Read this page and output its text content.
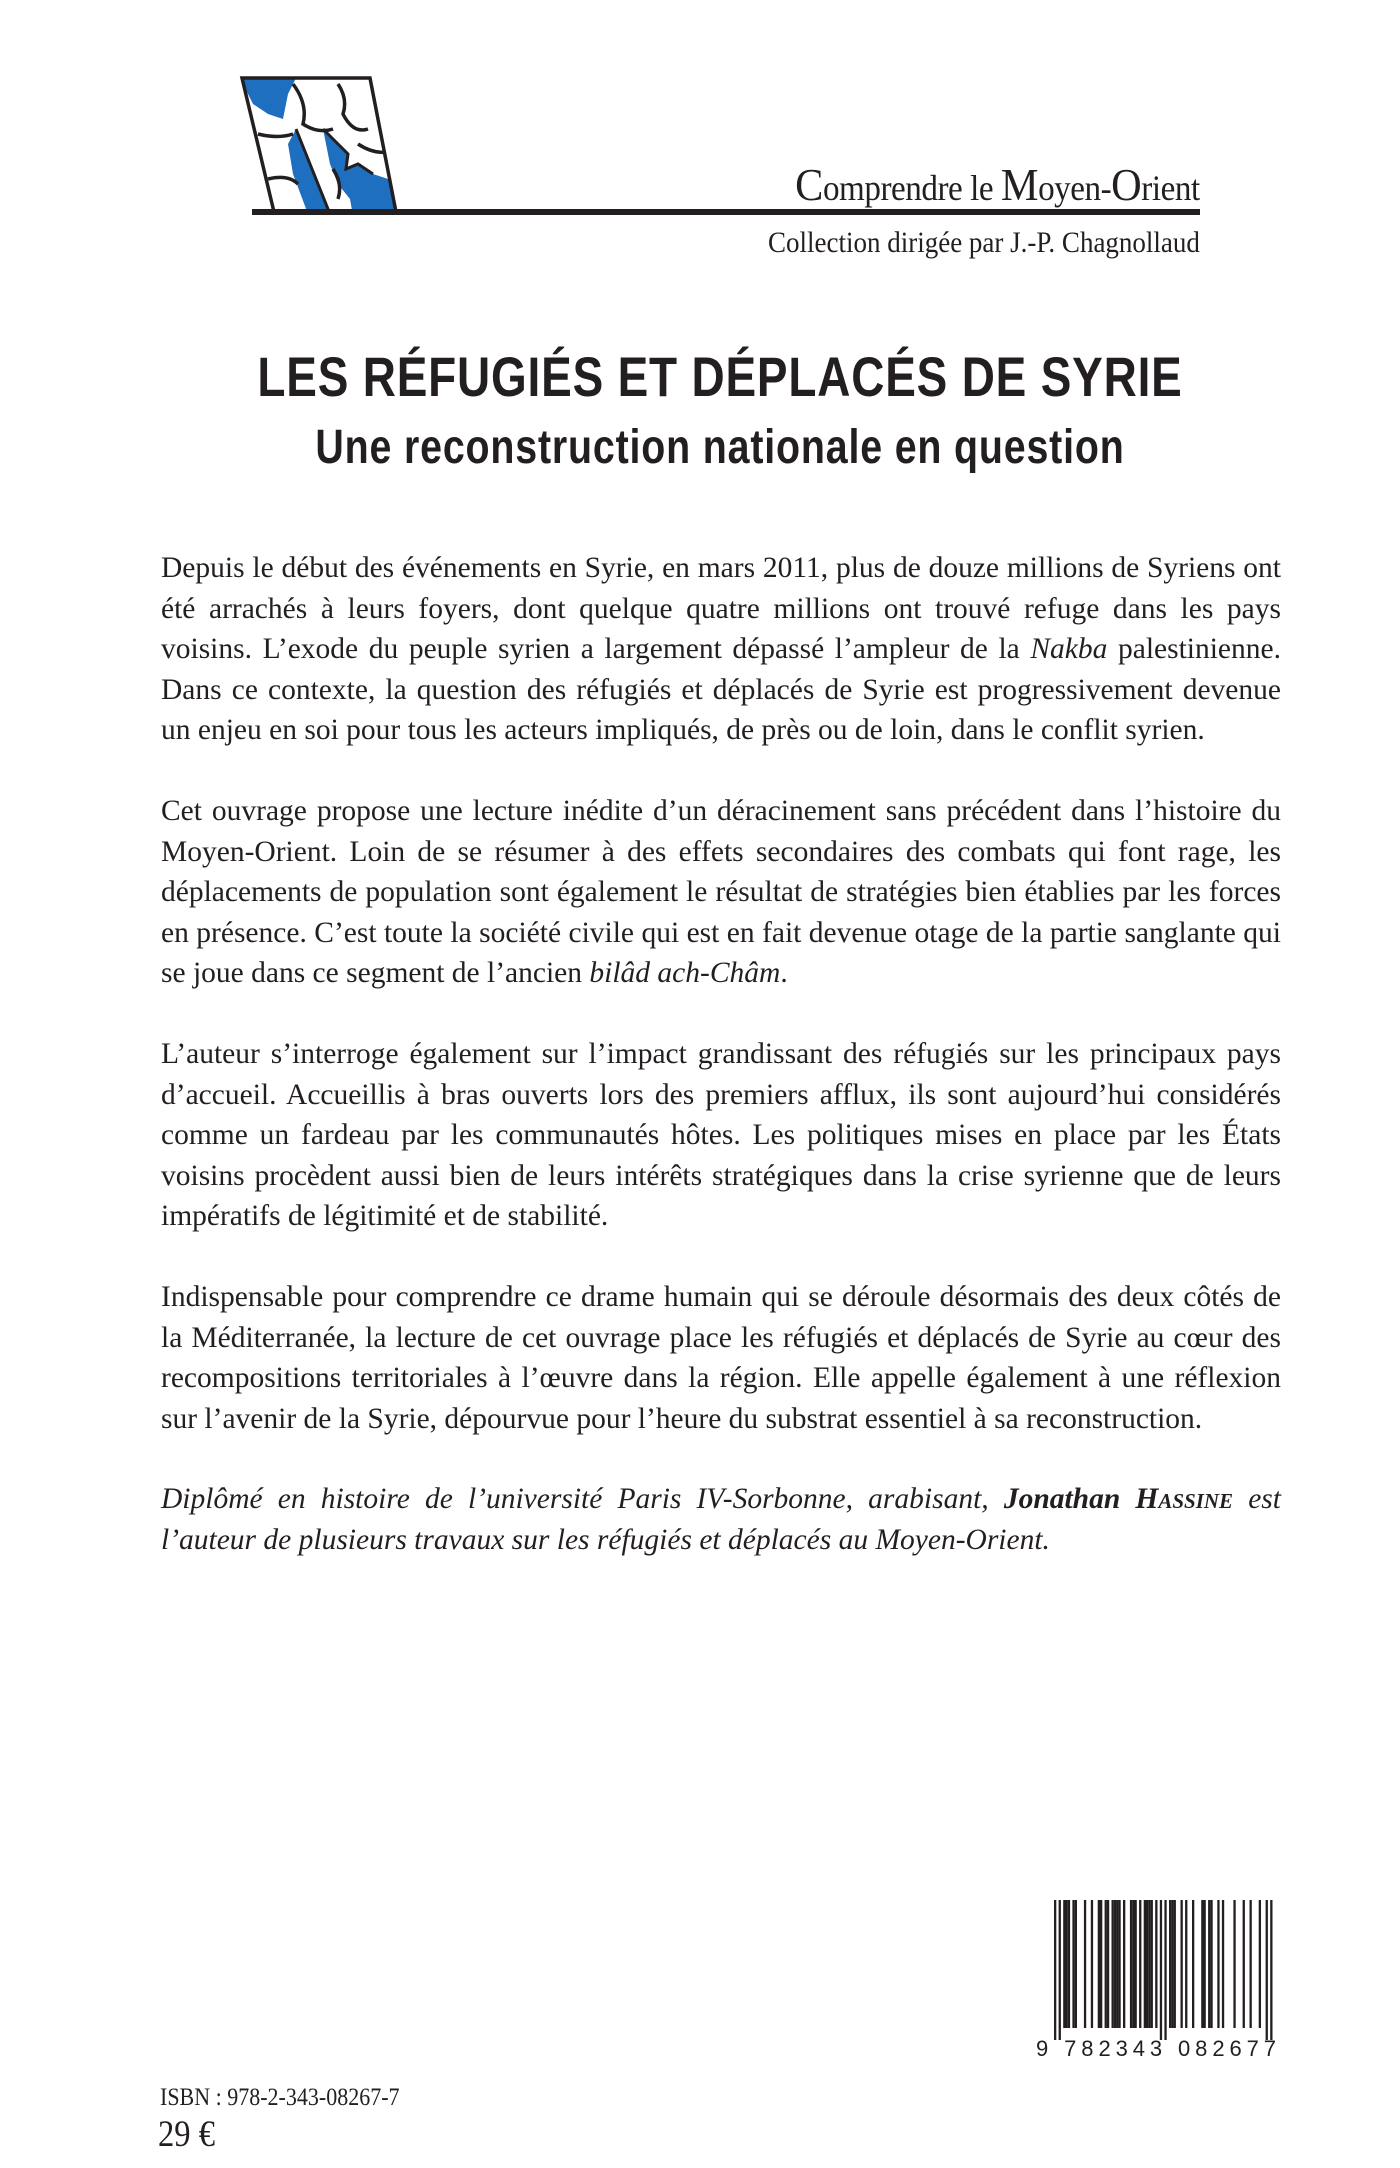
Comprendre le Moyen-Orient
Collection dirigée par J.-P. Chagnollaud
LES RÉFUGIÉS ET DÉPLACÉS DE SYRIE
Une reconstruction nationale en question

Depuis le début des événements en Syrie, en mars 2011, plus de douze millions de Syriens ont été arrachés à leurs foyers, dont quelque quatre millions ont trouvé refuge dans les pays voisins. L’exode du peuple syrien a largement dépassé l’ampleur de la Nakba palestinienne. Dans ce contexte, la question des réfugiés et déplacés de Syrie est progressivement devenue un enjeu en soi pour tous les acteurs impliqués, de près ou de loin, dans le conflit syrien.

Cet ouvrage propose une lecture inédite d’un déracinement sans précédent dans l’histoire du Moyen-Orient. Loin de se résumer à des effets secondaires des combats qui font rage, les déplacements de population sont également le résultat de stratégies bien établies par les forces en présence. C’est toute la société civile qui est en fait devenue otage de la partie sanglante qui se joue dans ce segment de l’ancien bilâd ach-Châm.

L’auteur s’interroge également sur l’impact grandissant des réfugiés sur les principaux pays d’accueil. Accueillis à bras ouverts lors des premiers afflux, ils sont aujourd’hui considérés comme un fardeau par les communautés hôtes. Les politiques mises en place par les États voisins procèdent aussi bien de leurs intérêts stratégiques dans la crise syrienne que de leurs impératifs de légitimité et de stabilité.

Indispensable pour comprendre ce drame humain qui se déroule désormais des deux côtés de la Méditerranée, la lecture de cet ouvrage place les réfugiés et déplacés de Syrie au cœur des recompositions territoriales à l’œuvre dans la région. Elle appelle également à une réflexion sur l’avenir de la Syrie, dépourvue pour l’heure du substrat essentiel à sa reconstruction.

Diplômé en histoire de l’université Paris IV-Sorbonne, arabisant, Jonathan Hassine est l’auteur de plusieurs travaux sur les réfugiés et déplacés au Moyen-Orient.

9 782343 082677
ISBN : 978-2-343-08267-7
29 €
